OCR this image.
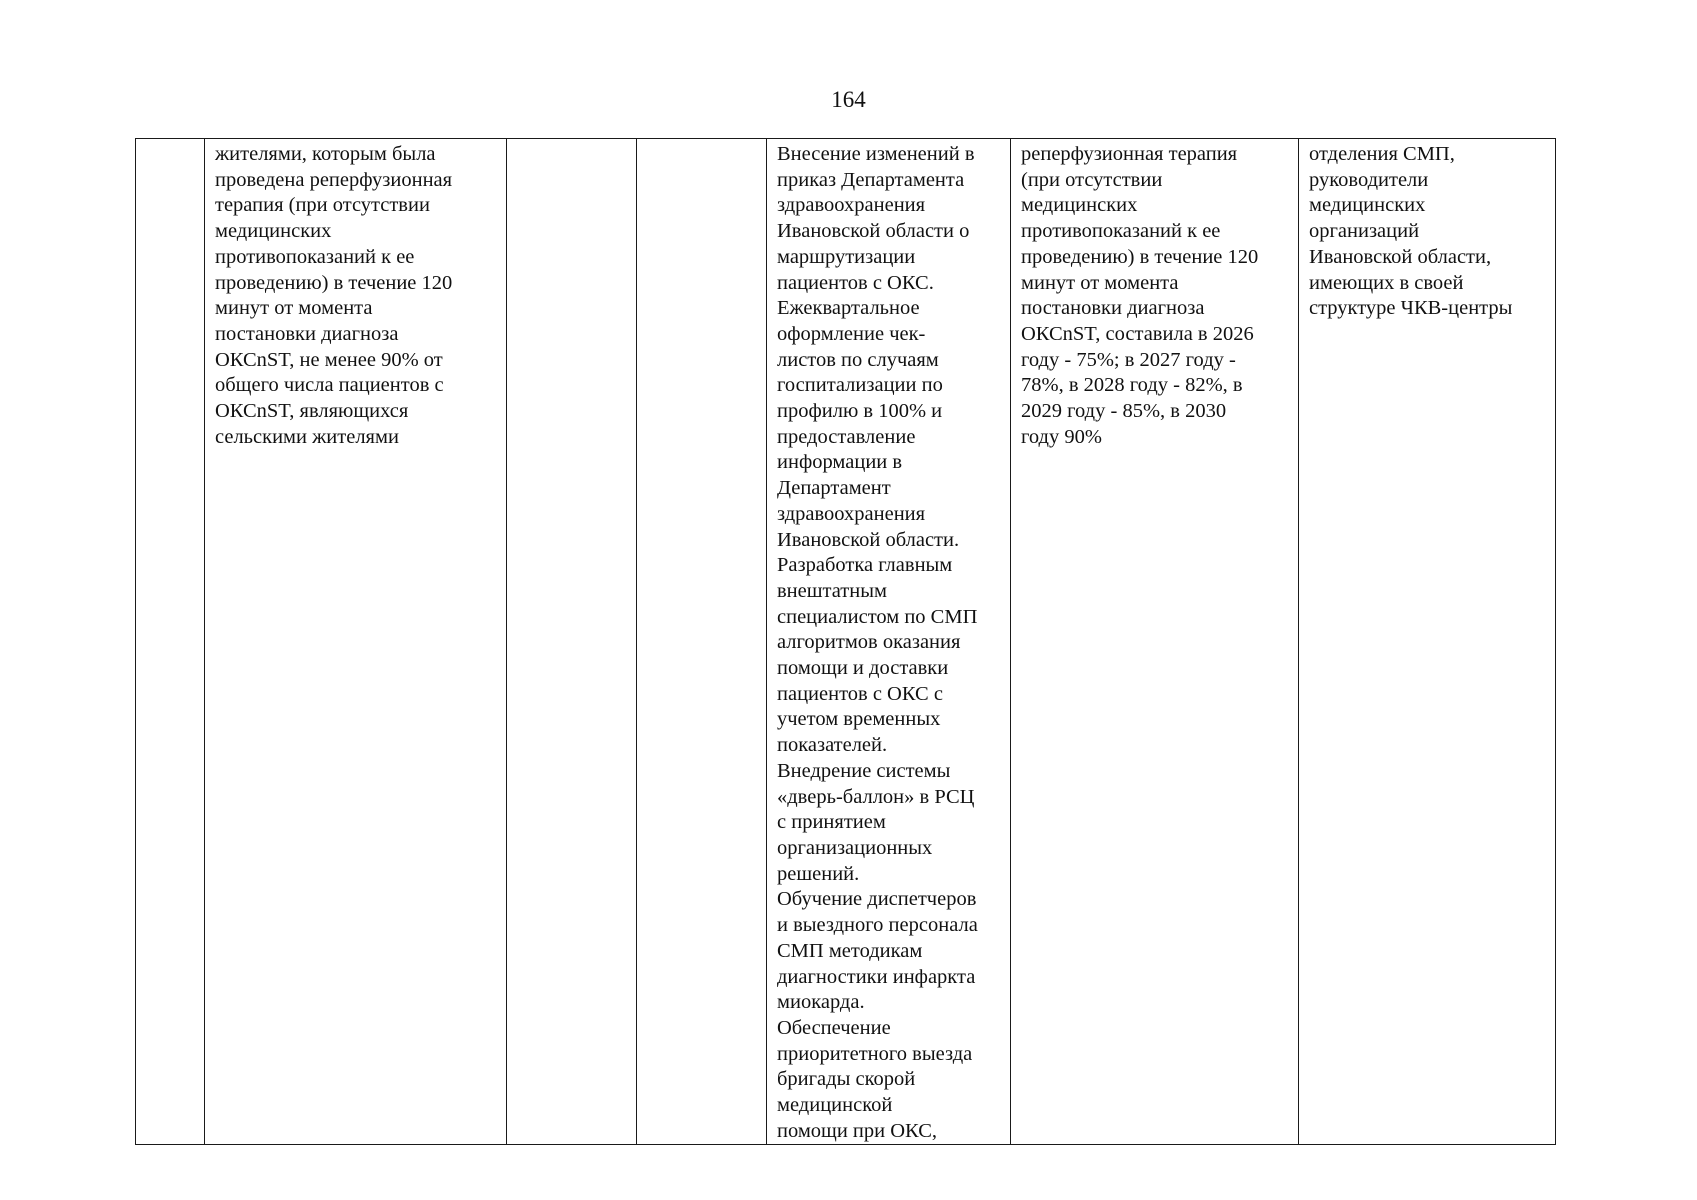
164

жителями, которым была
проведена реперфузионная
терапия (при отсутствии
медицинских
противопоказаний к ее
проведению) в течение 120
минут от момента
постановки диагноза
ОКСnST, не менее 90% от
общего числа пациентов с
ОКСnST, являющихся
сельскими жителями

Внесение изменений в
приказ Департамента
здравоохранения
Ивановской области о
маршрутизации
пациентов с ОКС.
Ежеквартальное
оформление чек-
листов по случаям
госпитализации по
профилю в 100% и
предоставление
информации в
Департамент
здравоохранения
Ивановской области.
Разработка главным
внештатным
специалистом по СМП
алгоритмов оказания
помощи и доставки
пациентов с ОКС с
учетом временных
показателей.
Внедрение системы
«дверь-баллон» в РСЦ
с принятием
организационных
решений.
Обучение диспетчеров
и выездного персонала
СМП методикам
диагностики инфаркта
миокарда.
Обеспечение
приоритетного выезда
бригады скорой
медицинской
помощи при ОКС,

реперфузионная терапия
(при отсутствии
медицинских
противопоказаний к ее
проведению) в течение 120
минут от момента
постановки диагноза
ОКСnST, составила в 2026
году - 75%; в 2027 году -
78%, в 2028 году - 82%, в
2029 году - 85%, в 2030
году 90%

отделения СМП,
руководители
медицинских
организаций
Ивановской области,
имеющих в своей
структуре ЧКВ-центры
